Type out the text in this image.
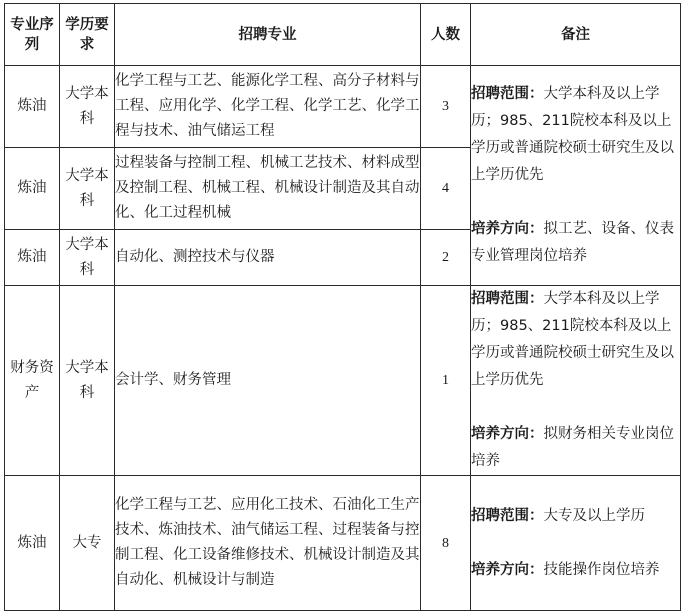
专业序列	学历要求	招聘专业	人数	备注
炼油	大学本科	化学工程与工艺、能源化学工程、高分子材料与工程、应用化学、化学工程、化学工艺、化学工程与技术、油气储运工程	3	招聘范围：大学本科及以上学历；985、211院校本科及以上学历或普通院校硕士研究生及以上学历优先
培养方向：拟工艺、设备、仪表专业管理岗位培养

炼油	大学本科	过程装备与控制工程、机械工艺技术、材料成型及控制工程、机械工程、机械设计制造及其自动化、化工过程机械	4	
炼油	大学本科	自动化、测控技术与仪器	2	
财务资产	大学本科	会计学、财务管理	1	招聘范围：大学本科及以上学历；985、211院校本科及以上学历或普通院校硕士研究生及以上学历优先
培养方向：拟财务相关专业岗位培养

炼油	大专	化学工程与工艺、应用化工技术、石油化工生产技术、炼油技术、油气储运工程、过程装备与控制工程、化工设备维修技术、机械设计制造及其自动化、机械设计与制造	8	招聘范围：大专及以上学历
培养方向：技能操作岗位培养
